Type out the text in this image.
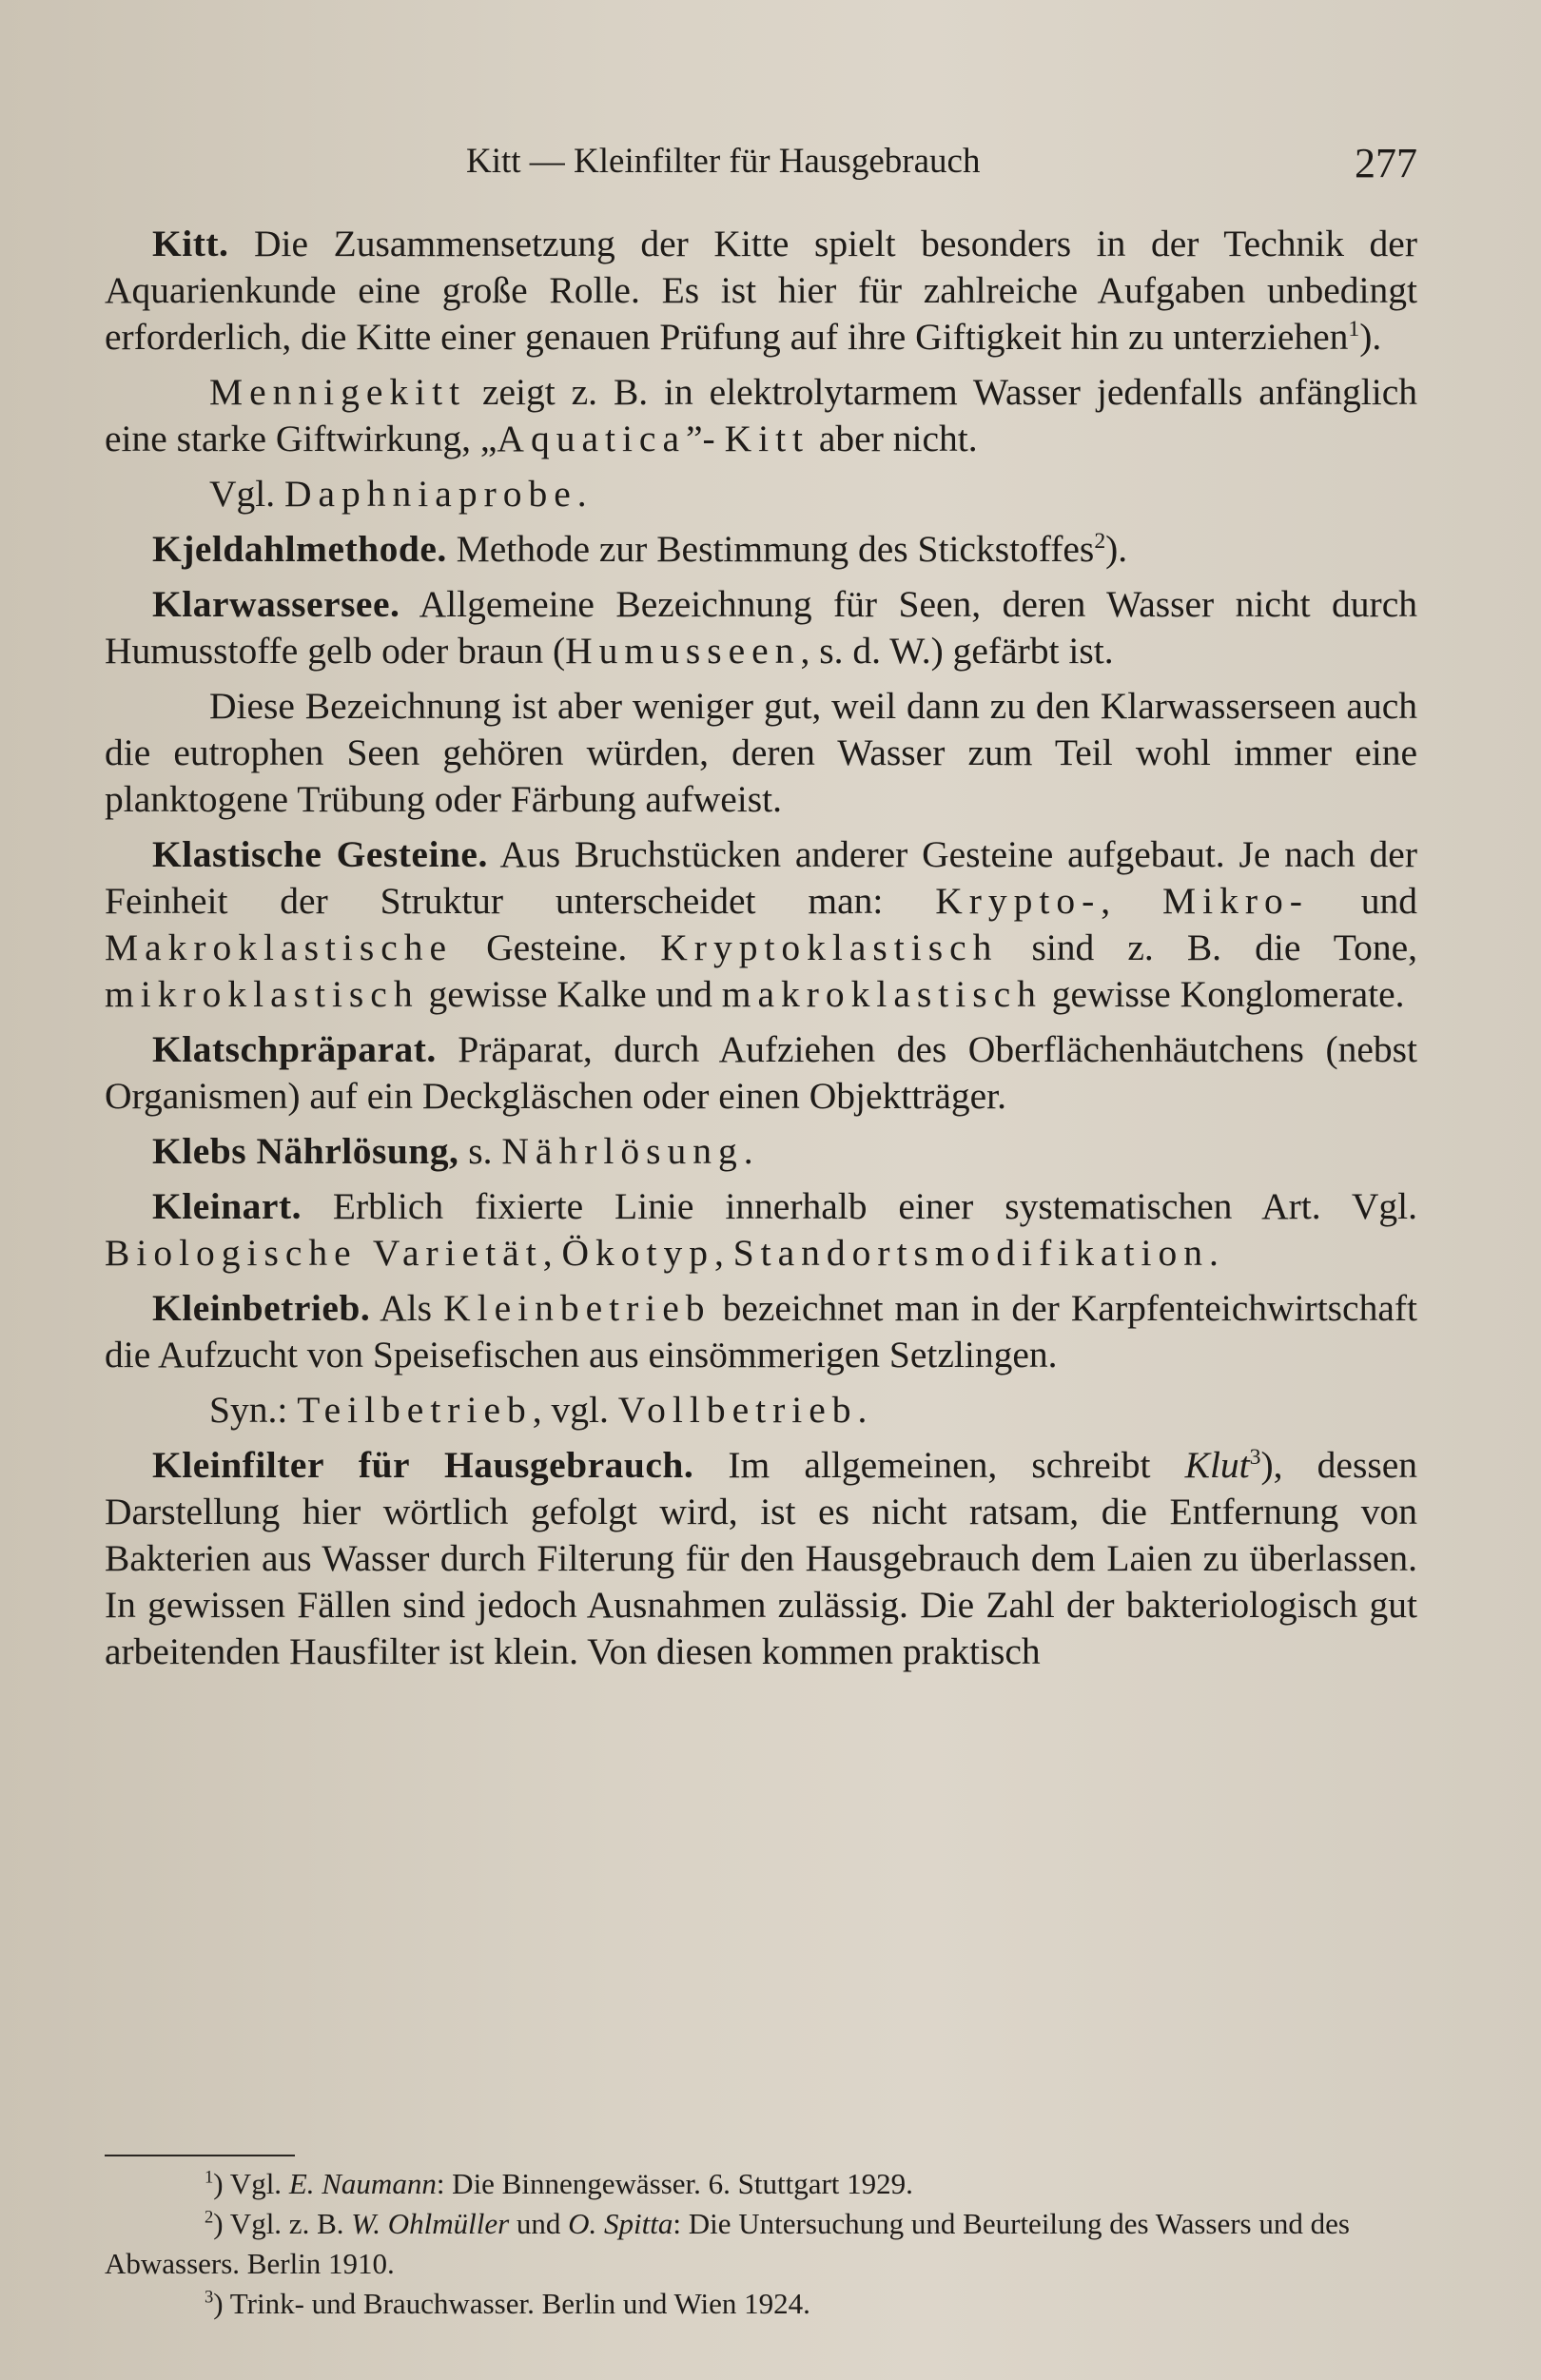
Kitt — Kleinfilter für Hausgebrauch	277

Kitt. Die Zusammensetzung der Kitte spielt besonders in der Technik der Aquarienkunde eine große Rolle. Es ist hier für zahlreiche Aufgaben unbedingt erforderlich, die Kitte einer genauen Prüfung auf ihre Giftigkeit hin zu unterziehen$^1$).

Mennigekitt zeigt z. B. in elektrolytarmem Wasser jedenfalls anfänglich eine starke Giftwirkung, „Aquatica”- Kitt aber nicht.

Vgl. Daphniaprobe.

Kjeldahlmethode. Methode zur Bestimmung des Stickstoffes$^2$).

Klarwassersee. Allgemeine Bezeichnung für Seen, deren Wasser nicht durch Humusstoffe gelb oder braun (Humusseen, s. d. W.) gefärbt ist.

Diese Bezeichnung ist aber weniger gut, weil dann zu den Klarwasserseen auch die eutrophen Seen gehören würden, deren Wasser zum Teil wohl immer eine planktogene Trübung oder Färbung aufweist.

Klastische Gesteine. Aus Bruchstücken anderer Gesteine aufgebaut. Je nach der Feinheit der Struktur unterscheidet man: Krypto-, Mikro- und Makroklastische Gesteine. Kryptoklastisch sind z. B. die Tone, mikroklastisch gewisse Kalke und makroklastisch gewisse Konglomerate.

Klatschpräparat. Präparat, durch Aufziehen des Oberflächenhäutchens (nebst Organismen) auf ein Deckgläschen oder einen Objektträger.

Klebs Nährlösung, s. Nährlösung.

Kleinart. Erblich fixierte Linie innerhalb einer systematischen Art. Vgl. Biologische Varietät, Ökotyp, Standortsmodifikation.

Kleinbetrieb. Als Kleinbetrieb bezeichnet man in der Karpfenteichwirtschaft die Aufzucht von Speisefischen aus einsömmerigen Setzlingen.

Syn.: Teilbetrieb, vgl. Vollbetrieb.

Kleinfilter für Hausgebrauch. Im allgemeinen, schreibt Klut$^3$), dessen Darstellung hier wörtlich gefolgt wird, ist es nicht ratsam, die Entfernung von Bakterien aus Wasser durch Filterung für den Hausgebrauch dem Laien zu überlassen. In gewissen Fällen sind jedoch Ausnahmen zulässig. Die Zahl der bakteriologisch gut arbeitenden Hausfilter ist klein. Von diesen kommen praktisch

$^1$) Vgl. E. Naumann: Die Binnengewässer. 6. Stuttgart 1929.

$^2$) Vgl. z. B. W. Ohlmüller und O. Spitta: Die Untersuchung und Beurteilung des Wassers und des Abwassers. Berlin 1910.

$^3$) Trink- und Brauchwasser. Berlin und Wien 1924.
